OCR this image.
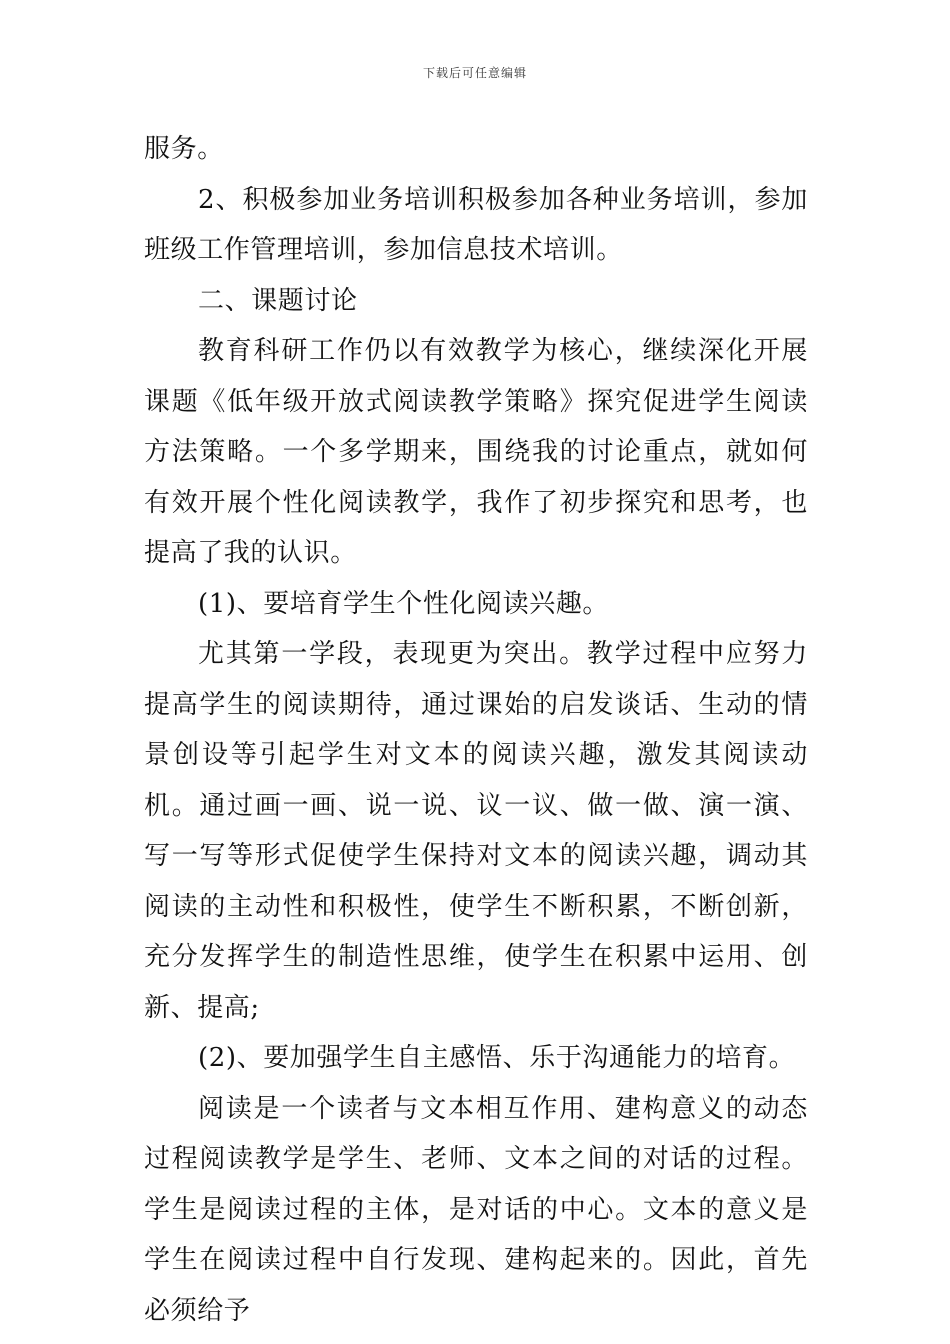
下载后可任意编辑

服务。

2、积极参加业务培训积极参加各种业务培训，参加班级工作管理培训，参加信息技术培训。

二、课题讨论

教育科研工作仍以有效教学为核心，继续深化开展课题《低年级开放式阅读教学策略》探究促进学生阅读方法策略。一个多学期来，围绕我的讨论重点，就如何有效开展个性化阅读教学，我作了初步探究和思考，也提高了我的认识。

(1)、要培育学生个性化阅读兴趣。

尤其第一学段，表现更为突出。教学过程中应努力提高学生的阅读期待，通过课始的启发谈话、生动的情景创设等引起学生对文本的阅读兴趣，激发其阅读动机。通过画一画、说一说、议一议、做一做、演一演、写一写等形式促使学生保持对文本的阅读兴趣，调动其阅读的主动性和积极性，使学生不断积累，不断创新，充分发挥学生的制造性思维，使学生在积累中运用、创新、提高;

(2)、要加强学生自主感悟、乐于沟通能力的培育。

阅读是一个读者与文本相互作用、建构意义的动态过程阅读教学是学生、老师、文本之间的对话的过程。学生是阅读过程的主体，是对话的中心。文本的意义是学生在阅读过程中自行发现、建构起来的。因此，首先必须给予
